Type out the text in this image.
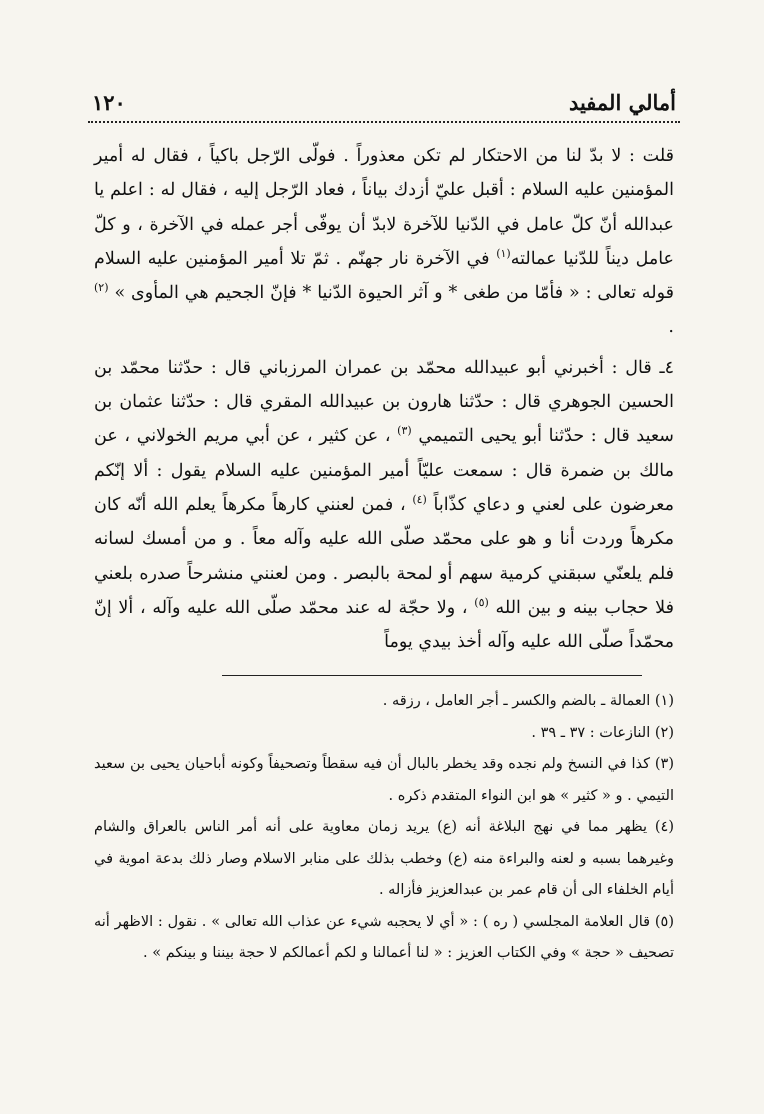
أمالي المفيد
١٢٠
قلت : لا بدّ لنا من الاحتكار لم تكن معذوراً . فولّى الرّجل باكياً ، فقال له أمير المؤمنين عليه السلام : أقبل عليّ أزدك بياناً ، فعاد الرّجل إليه ، فقال له : اعلم يا عبدالله أنّ كلّ عامل في الدّنيا للآخرة لابدّ أن يوفّى أجر عمله في الآخرة ، و كلّ عامل ديناً للدّنيا عمالته$^{(١)}$ في الآخرة نار جهنّم . ثمّ تلا أمير المؤمنين عليه السلام قوله تعالى : « فأمّا من طغى * و آثر الحيوة الدّنيا * فإنّ الجحيم هي المأوى » $^{(٢)}$ .
٤ـ قال : أخبرني أبو عبيدالله محمّد بن عمران المرزباني قال : حدّثنا محمّد بن الحسين الجوهري قال : حدّثنا هارون بن عبيدالله المقري قال : حدّثنا عثمان بن سعيد قال : حدّثنا أبو يحيى التميمي $^{(٣)}$ ، عن كثير ، عن أبي مريم الخولاني ، عن مالك بن ضمرة قال : سمعت عليّاً أمير المؤمنين عليه السلام يقول : ألا إنّكم معرضون على لعني و دعاي كذّاباً $^{(٤)}$ ، فمن لعنني كارهاً مكرهاً يعلم الله أنّه كان مكرهاً وردت أنا و هو على محمّد صلّى الله عليه وآله معاً . و من أمسك لسانه فلم يلعنّي سبقني كرمية سهم أو لمحة بالبصر . ومن لعنني منشرحاً صدره بلعني فلا حجاب بينه و بين الله $^{(٥)}$ ، ولا حجّة له عند محمّد صلّى الله عليه وآله ، ألا إنّ محمّداً صلّى الله عليه وآله أخذ بيدي يوماً
(١) العمالة ـ بالضم والكسر ـ أجر العامل ، رزقه .
(٢) النازعات : ٣٧ ـ ٣٩ .
(٣) كذا في النسخ ولم نجده وقد يخطر بالبال أن فيه سقطاً وتصحيفاً وكونه أباحيان يحيى بن سعيد التيمي . و « كثير » هو ابن النواء المتقدم ذكره .
(٤) يظهر مما في نهج البلاغة أنه (ع) يريد زمان معاوية على أنه أمر الناس بالعراق والشام وغيرهما بسبه و لعنه والبراءة منه (ع) وخطب بذلك على منابر الاسلام وصار ذلك بدعة اموية في أيام الخلفاء الى أن قام عمر بن عبدالعزيز فأزاله .
(٥) قال العلامة المجلسي ( ره ) : « أي لا يحجبه شيء عن عذاب الله تعالى » . نقول : الاظهر أنه تصحيف « حجة » وفي الكتاب العزيز : « لنا أعمالنا و لكم أعمالكم لا حجة بيننا و بينكم » .
